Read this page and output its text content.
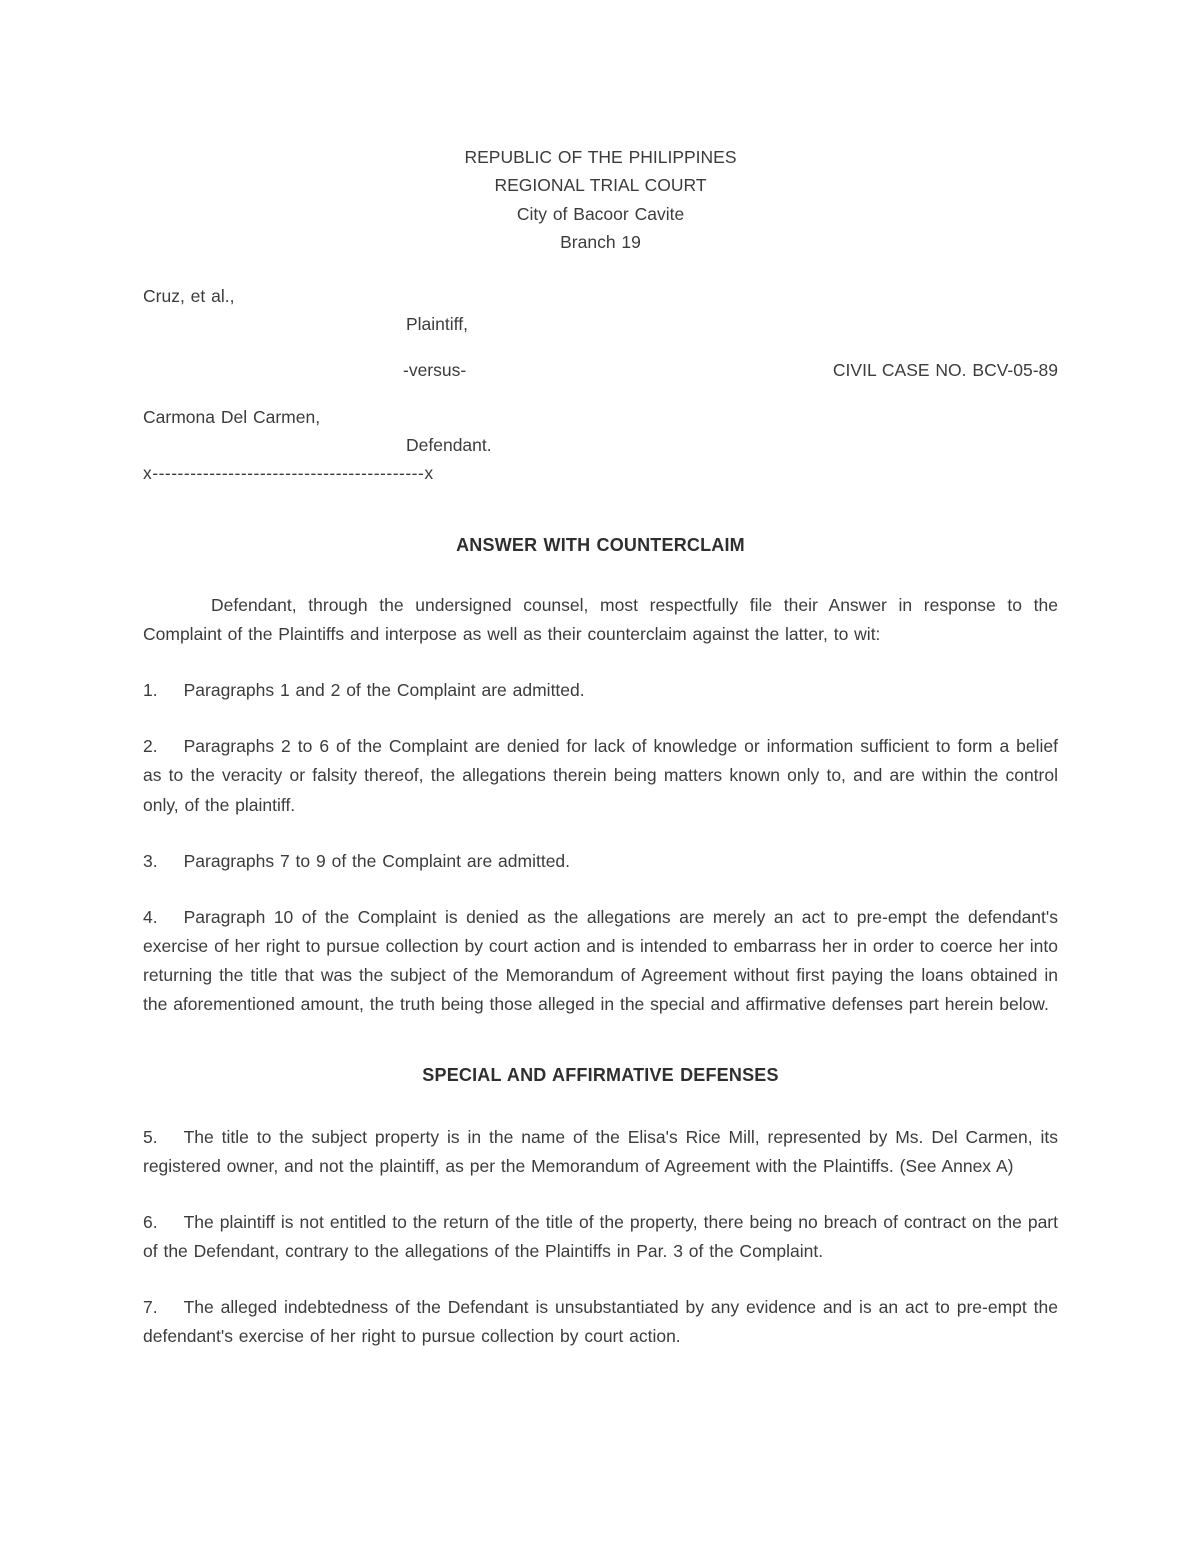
REPUBLIC OF THE PHILIPPINES
REGIONAL TRIAL COURT
City of Bacoor Cavite
Branch 19
Cruz, et al.,
Plaintiff,
-versus-	CIVIL CASE NO. BCV-05-89
Carmona Del Carmen,
Defendant.
x-------------------------------------------x
ANSWER WITH COUNTERCLAIM

Defendant, through the undersigned counsel, most respectfully file their Answer in response to the Complaint of the Plaintiffs and interpose as well as their counterclaim against the latter, to wit:

1. Paragraphs 1 and 2 of the Complaint are admitted.

2. Paragraphs 2 to 6 of the Complaint are denied for lack of knowledge or information sufficient to form a belief as to the veracity or falsity thereof, the allegations therein being matters known only to, and are within the control only, of the plaintiff.

3. Paragraphs 7 to 9 of the Complaint are admitted.

4. Paragraph 10 of the Complaint is denied as the allegations are merely an act to pre-empt the defendant's exercise of her right to pursue collection by court action and is intended to embarrass her in order to coerce her into returning the title that was the subject of the Memorandum of Agreement without first paying the loans obtained in the aforementioned amount, the truth being those alleged in the special and affirmative defenses part herein below.

SPECIAL AND AFFIRMATIVE DEFENSES

5. The title to the subject property is in the name of the Elisa's Rice Mill, represented by Ms. Del Carmen, its registered owner, and not the plaintiff, as per the Memorandum of Agreement with the Plaintiffs. (See Annex A)

6. The plaintiff is not entitled to the return of the title of the property, there being no breach of contract on the part of the Defendant, contrary to the allegations of the Plaintiffs in Par. 3 of the Complaint.

7. The alleged indebtedness of the Defendant is unsubstantiated by any evidence and is an act to pre-empt the defendant's exercise of her right to pursue collection by court action.
